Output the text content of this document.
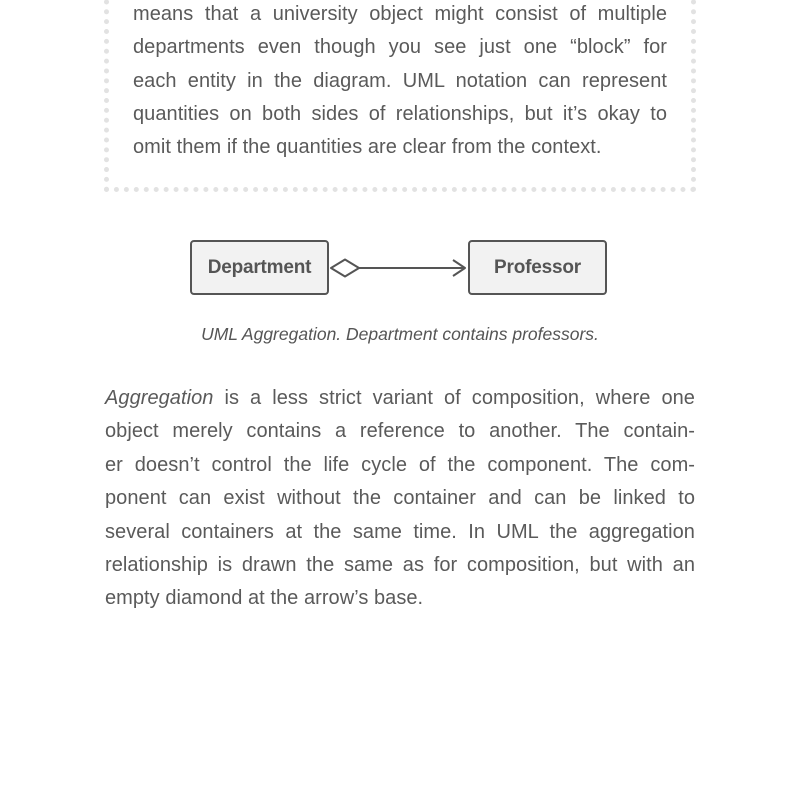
means that a university object might consist of multiple
departments even though you see just one “block” for
each entity in the diagram. UML notation can represent
quantities on both sides of relationships, but it’s okay to
omit them if the quantities are clear from the context.

Department	Professor

UML Aggregation. Department contains professors.

Aggregation is a less strict variant of composition, where one
object merely contains a reference to another. The contain-
er doesn’t control the life cycle of the component. The com-
ponent can exist without the container and can be linked to
several containers at the same time. In UML the aggregation
relationship is drawn the same as for composition, but with an
empty diamond at the arrow’s base.
